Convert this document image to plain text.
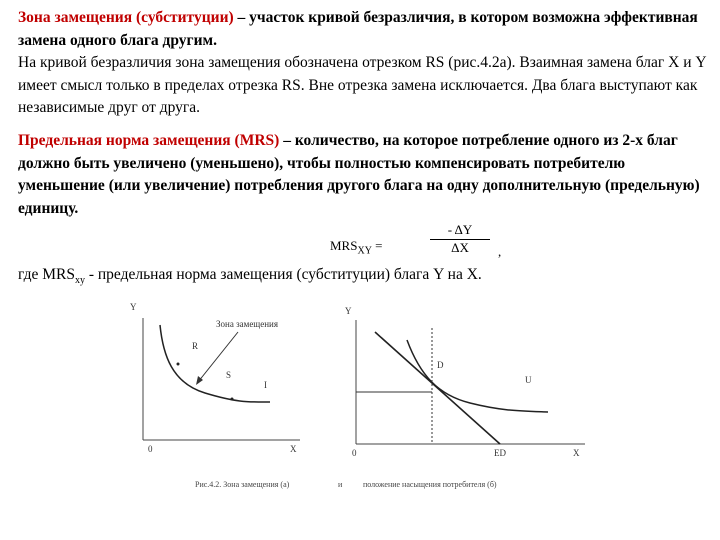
Зона замещения (субституции) – участок кривой безразличия, в котором возможна эффективная замена одного блага другим.
На кривой безразличия зона замещения обозначена отрезком RS (рис.4.2а). Взаимная замена благ X и Y имеет смысл только в пределах отрезка RS. Вне отрезка замена исключается. Два блага выступают как независимые друг от друга.
Предельная норма замещения (MRS) – количество, на которое потребление одного из 2-х благ должно быть увеличено (уменьшено), чтобы полностью компенсировать потребителю уменьшение (или увеличение) потребления другого блага на одну дополнительную (предельную) единицу.
$MRS_{XY}$ =
- ΔY
ΔX	,
где $MRS_{xy}$ - предельная норма замещения (субституции) блага Y на X.
Y
X
0
Зона замещения
R
S
I
Y
X
0
D
U
ED
Рис.4.2. Зона замещения (а)	и	положение насыщения потребителя (б)
